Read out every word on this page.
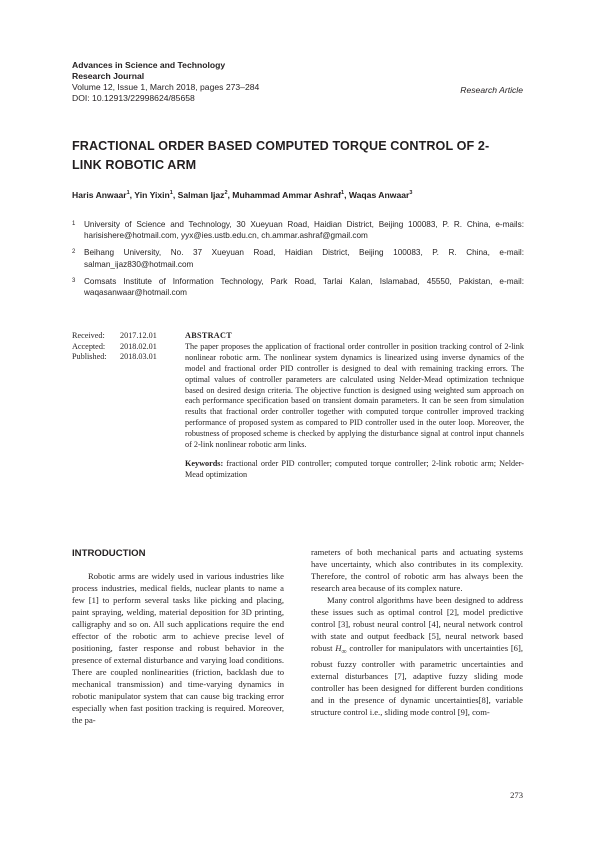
Advances in Science and Technology
Research Journal
Volume 12, Issue 1, March 2018, pages 273–284
DOI: 10.12913/22998624/85658
Research Article
FRACTIONAL ORDER BASED COMPUTED TORQUE CONTROL OF 2-LINK ROBOTIC ARM
Haris Anwaar$^1$, Yin Yixin$^1$, Salman Ijaz$^2$, Muhammad Ammar Ashraf$^1$, Waqas Anwaar$^3$
1 University of Science and Technology, 30 Xueyuan Road, Haidian District, Beijing 100083, P. R. China, e-mails: harisishere@hotmail.com, yyx@ies.ustb.edu.cn, ch.ammar.ashraf@gmail.com
2 Beihang University, No. 37 Xueyuan Road, Haidian District, Beijing 100083, P. R. China, e-mail: salman_ijaz830@hotmail.com
3 Comsats Institute of Information Technology, Park Road, Tarlai Kalan, Islamabad, 45550, Pakistan, e-mail: waqasanwaar@hotmail.com
Received:	2017.12.01
Accepted:	2018.02.01
Published:	2018.03.01
ABSTRACT
The paper proposes the application of fractional order controller in position tracking control of 2-link nonlinear robotic arm. The nonlinear system dynamics is linearized using inverse dynamics of the model and fractional order PID controller is designed to deal with remaining tracking errors. The optimal values of controller parameters are calculated using Nelder-Mead optimization technique based on desired design criteria. The objective function is designed using weighted sum approach on each performance specification based on transient domain parameters. It can be seen from simulation results that fractional order controller together with computed torque controller improved tracking performance of proposed system as compared to PID controller used in the outer loop. Moreover, the robustness of proposed scheme is checked by applying the disturbance signal at control input channels of 2-link nonlinear robotic arm links.
Keywords: fractional order PID controller; computed torque controller; 2-link robotic arm; Nelder-Mead optimization
INTRODUCTION

Robotic arms are widely used in various industries like process industries, medical fields, nuclear plants to name a few [1] to perform several tasks like picking and placing, paint spraying, welding, material deposition for 3D printing, calligraphy and so on. All such applications require the end effector of the robotic arm to achieve precise level of positioning, faster response and robust behavior in the presence of external disturbance and varying load conditions. There are coupled nonlinearities (friction, backlash due to mechanical transmission) and time-varying dynamics in robotic manipulator system that can cause big tracking error especially when fast position tracking is required. Moreover, the pa-

rameters of both mechanical parts and actuating systems have uncertainty, which also contributes in its complexity. Therefore, the control of robotic arm has always been the research area because of its complex nature.

Many control algorithms have been designed to address these issues such as optimal control [2], model predictive control [3], robust neural control [4], neural network control with state and output feedback [5], neural network based robust $H_\infty$ controller for manipulators with uncertainties [6], robust fuzzy controller with parametric uncertainties and external disturbances [7], adaptive fuzzy sliding mode controller has been designed for different burden conditions and in the presence of dynamic uncertainties[8], variable structure control i.e., sliding mode control [9], com-

273
